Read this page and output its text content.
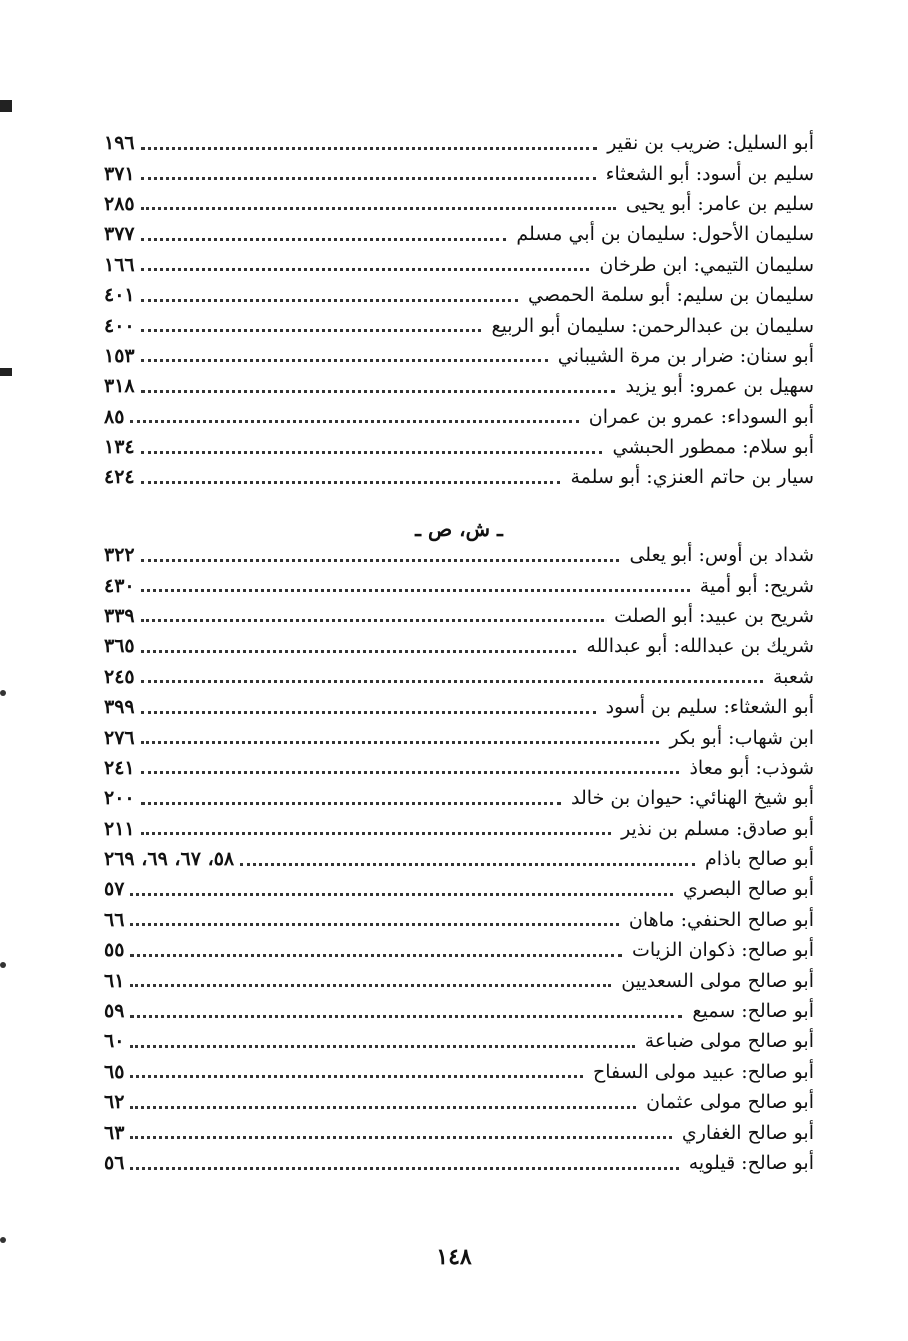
أبو السليل: ضريب بن نقير
١٩٦
سليم بن أسود: أبو الشعثاء
٣٧١
سليم بن عامر: أبو يحيى
٢٨٥
سليمان الأحول: سليمان بن أبي مسلم
٣٧٧
سليمان التيمي: ابن طرخان
١٦٦
سليمان بن سليم: أبو سلمة الحمصي
٤٠١
سليمان بن عبدالرحمن: سليمان أبو الربيع
٤٠٠
أبو سنان: ضرار بن مرة الشيباني
١٥٣
سهيل بن عمرو: أبو يزيد
٣١٨
أبو السوداء: عمرو بن عمران
٨٥
أبو سلام: ممطور الحبشي
١٣٤
سيار بن حاتم العنزي: أبو سلمة
٤٢٤
ـ ش، ص ـ
شداد بن أوس: أبو يعلى
٣٢٢
شريح: أبو أمية
٤٣٠
شريح بن عبيد: أبو الصلت
٣٣٩
شريك بن عبدالله: أبو عبدالله
٣٦٥
شعبة
٢٤٥
أبو الشعثاء: سليم بن أسود
٣٩٩
ابن شهاب: أبو بكر
٢٧٦
شوذب: أبو معاذ
٢٤١
أبو شيخ الهنائي: حيوان بن خالد
٢٠٠
أبو صادق: مسلم بن نذير
٢١١
أبو صالح باذام
٥٨، ٦٧، ٦٩، ٢٦٩
أبو صالح البصري
٥٧
أبو صالح الحنفي: ماهان
٦٦
أبو صالح: ذكوان الزيات
٥٥
أبو صالح مولى السعديين
٦١
أبو صالح: سميع
٥٩
أبو صالح مولى ضباعة
٦٠
أبو صالح: عبيد مولى السفاح
٦٥
أبو صالح مولى عثمان
٦٢
أبو صالح الغفاري
٦٣
أبو صالح: قيلويه
٥٦
١٤٨
